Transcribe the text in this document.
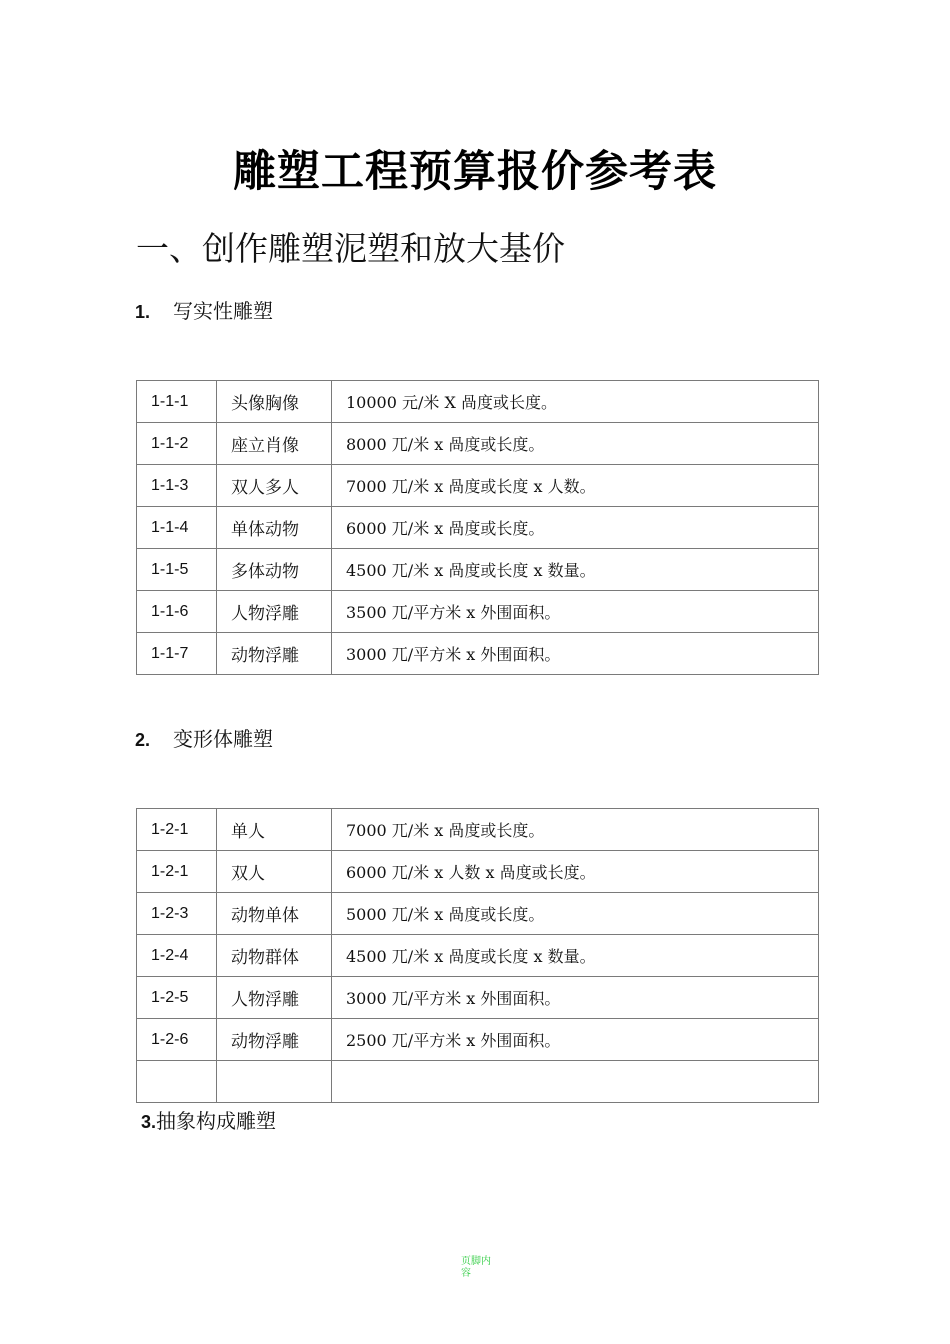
雕塑工程预算报价参考表
一、创作雕塑泥塑和放大基价
1. 写实性雕塑
1-1-1	头像胸像	10000 元/米 X 咼度或长度。
1-1-2	座立肖像	8000 兀/米 x 咼度或长度。
1-1-3	双人多人	7000 兀/米 x 咼度或长度 x 人数。
1-1-4	单体动物	6000 兀/米 x 咼度或长度。
1-1-5	多体动物	4500 兀/米 x 咼度或长度 x 数量。
1-1-6	人物浮雕	3500 兀/平方米 x 外围面积。
1-1-7	动物浮雕	3000 兀/平方米 x 外围面积。
2. 变形体雕塑
1-2-1	单人	7000 兀/米 x 咼度或长度。
1-2-1	双人	6000 兀/米 x 人数 x 咼度或长度。
1-2-3	动物单体	5000 兀/米 x 咼度或长度。
1-2-4	动物群体	4500 兀/米 x 咼度或长度 x 数量。
1-2-5	人物浮雕	3000 兀/平方米 x 外围面积。
1-2-6	动物浮雕	2500 兀/平方米 x 外围面积。

3.抽象构成雕塑
页脚内容
